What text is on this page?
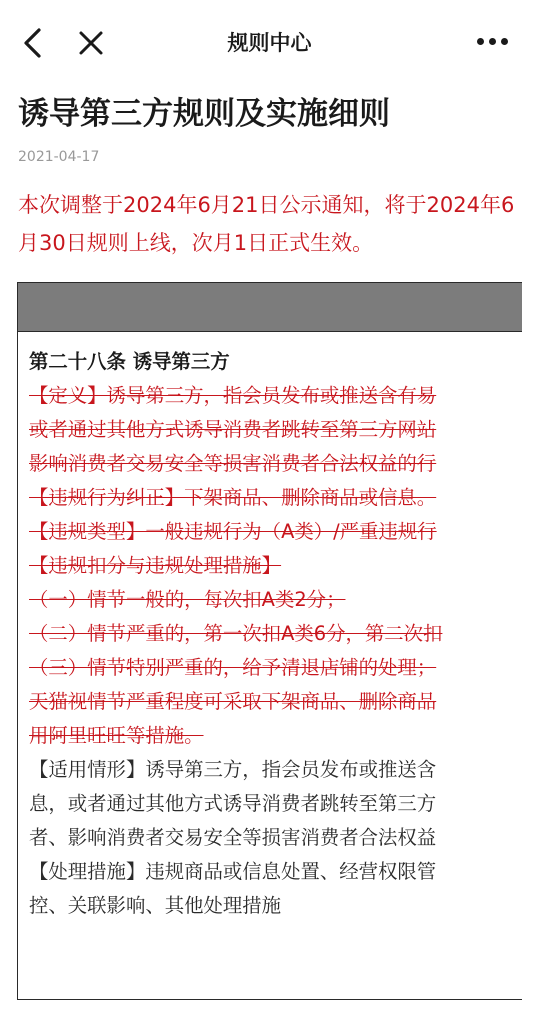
规则中心
诱导第三方规则及实施细则
2021-04-17
本次调整于2024年6月21日公示通知，将于2024年6月30日规则上线，次月1日正式生效。
第二十八条 诱导第三方
【定义】诱导第三方，指会员发布或推送含有易
或者通过其他方式诱导消费者跳转至第三方网站
影响消费者交易安全等损害消费者合法权益的行
【违规行为纠正】下架商品、删除商品或信息。
【违规类型】一般违规行为（A类）/严重违规行
【违规扣分与违规处理措施】
（一）情节一般的，每次扣A类2分；
（二）情节严重的，第一次扣A类6分，第二次扣
（三）情节特别严重的，给予清退店铺的处理；
天猫视情节严重程度可采取下架商品、删除商品
用阿里旺旺等措施。
【适用情形】诱导第三方，指会员发布或推送含
息，或者通过其他方式诱导消费者跳转至第三方
者、影响消费者交易安全等损害消费者合法权益
【处理措施】违规商品或信息处置、经营权限管
控、关联影响、其他处理措施
